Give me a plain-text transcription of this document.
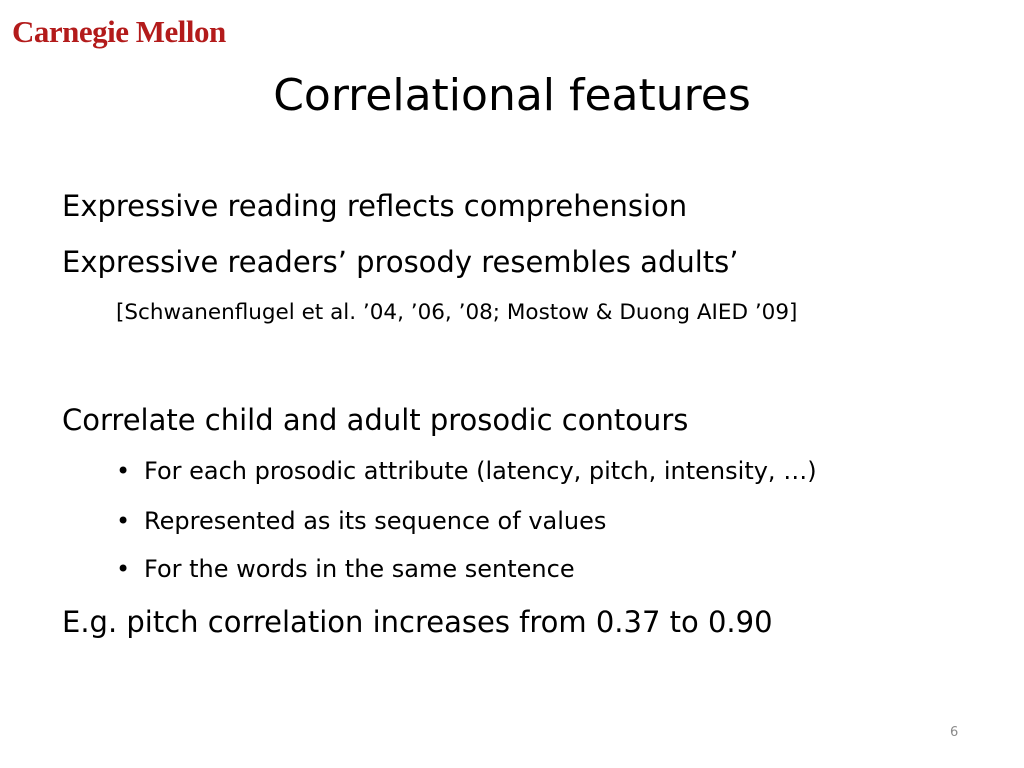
Carnegie Mellon
Correlational features
Expressive reading reflects comprehension
Expressive readers’ prosody resembles adults’
[Schwanenflugel et al. ’04, ’06, ’08; Mostow & Duong AIED ’09]
Correlate child and adult prosodic contours
• For each prosodic attribute (latency, pitch, intensity, …)
• Represented as its sequence of values
• For the words in the same sentence
E.g. pitch correlation increases from 0.37 to 0.90
6
